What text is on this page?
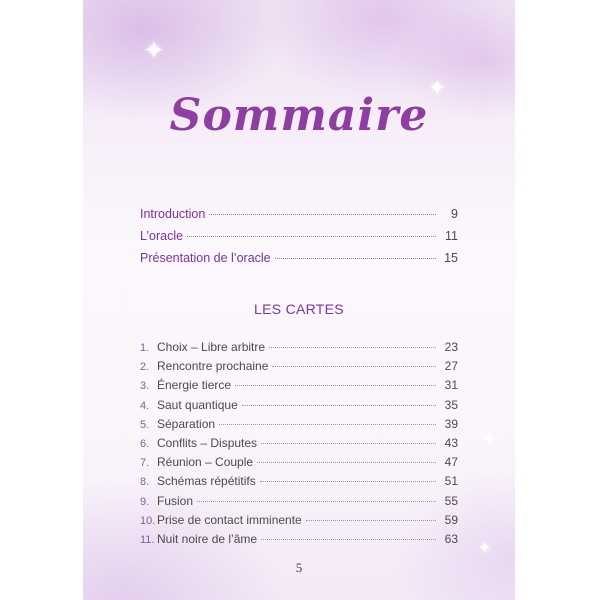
✦
✦
✦
✦
Sommaire
Introduction	9
L’oracle	11
Présentation de l’oracle	15
LES CARTES
1. Choix – Libre arbitre	23
2. Rencontre prochaine	27
3. Énergie tierce	31
4. Saut quantique	35
5. Séparation	39
6. Conflits – Disputes	43
7. Réunion – Couple	47
8. Schémas répétitifs	51
9. Fusion	55
10. Prise de contact imminente	59
11. Nuit noire de l’âme	63
5
